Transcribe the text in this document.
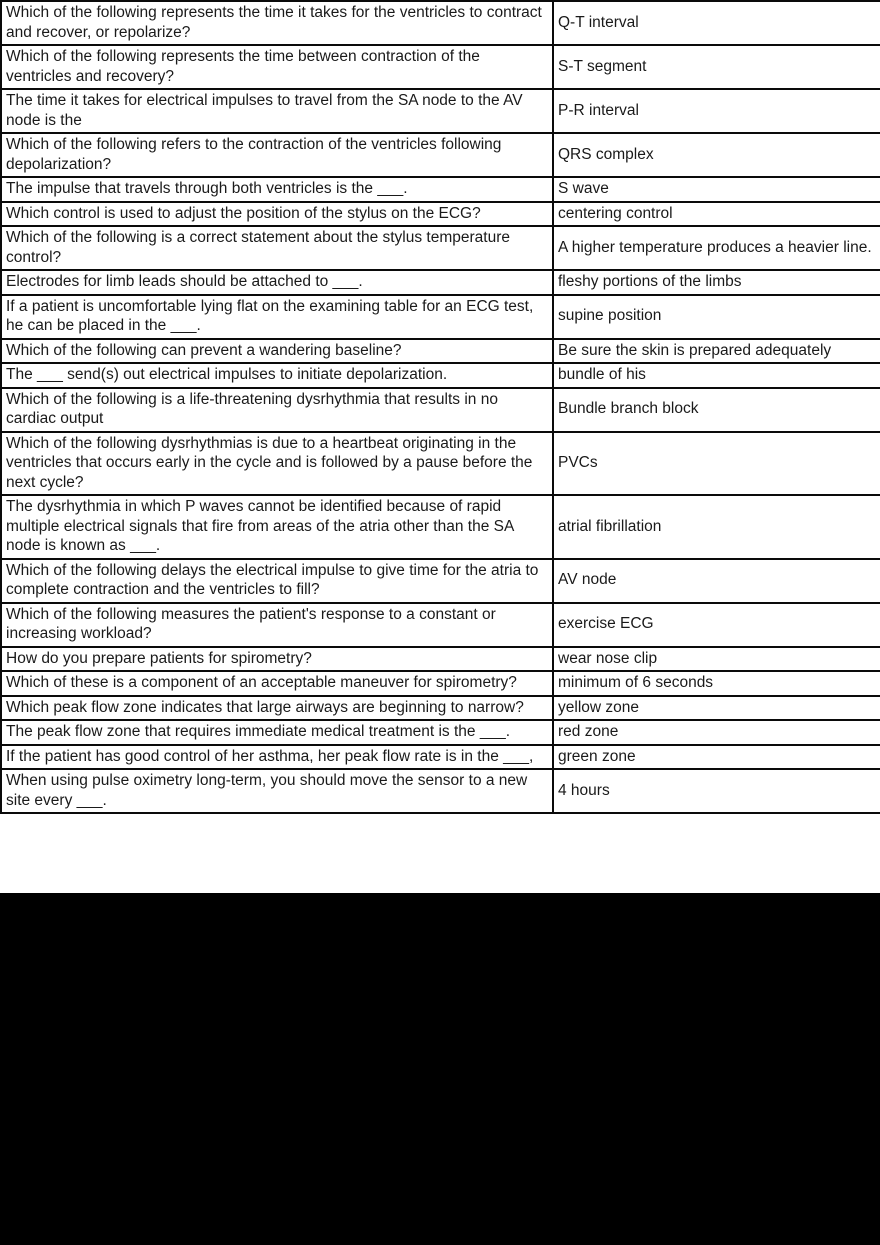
Which of the following represents the time it takes for the ventricles to contract and recover, or repolarize?	Q-T interval
Which of the following represents the time between contraction of the ventricles and recovery?	S-T segment
The time it takes for electrical impulses to travel from the SA node to the AV node is the	P-R interval
Which of the following refers to the contraction of the ventricles following depolarization?	QRS complex
The impulse that travels through both ventricles is the ___.	S wave
Which control is used to adjust the position of the stylus on the ECG?	centering control
Which of the following is a correct statement about the stylus temperature control?	A higher temperature produces a heavier line.
Electrodes for limb leads should be attached to ___.	fleshy portions of the limbs
If a patient is uncomfortable lying flat on the examining table for an ECG test, he can be placed in the ___.	supine position
Which of the following can prevent a wandering baseline?	Be sure the skin is prepared adequately
The ___ send(s) out electrical impulses to initiate depolarization.	bundle of his
Which of the following is a life-threatening dysrhythmia that results in no cardiac output	Bundle branch block
Which of the following dysrhythmias is due to a heartbeat originating in the ventricles that occurs early in the cycle and is followed by a pause before the next cycle?	PVCs
The dysrhythmia in which P waves cannot be identified because of rapid multiple electrical signals that fire from areas of the atria other than the SA node is known as ___.	atrial fibrillation
Which of the following delays the electrical impulse to give time for the atria to complete contraction and the ventricles to fill?	AV node
Which of the following measures the patient's response to a constant or increasing workload?	exercise ECG
How do you prepare patients for spirometry?	wear nose clip
Which of these is a component of an acceptable maneuver for spirometry?	minimum of 6 seconds
Which peak flow zone indicates that large airways are beginning to narrow?	yellow zone
The peak flow zone that requires immediate medical treatment is the ___.	red zone
If the patient has good control of her asthma, her peak flow rate is in the ___,	green zone
When using pulse oximetry long-term, you should move the sensor to a new site every ___.	4 hours
